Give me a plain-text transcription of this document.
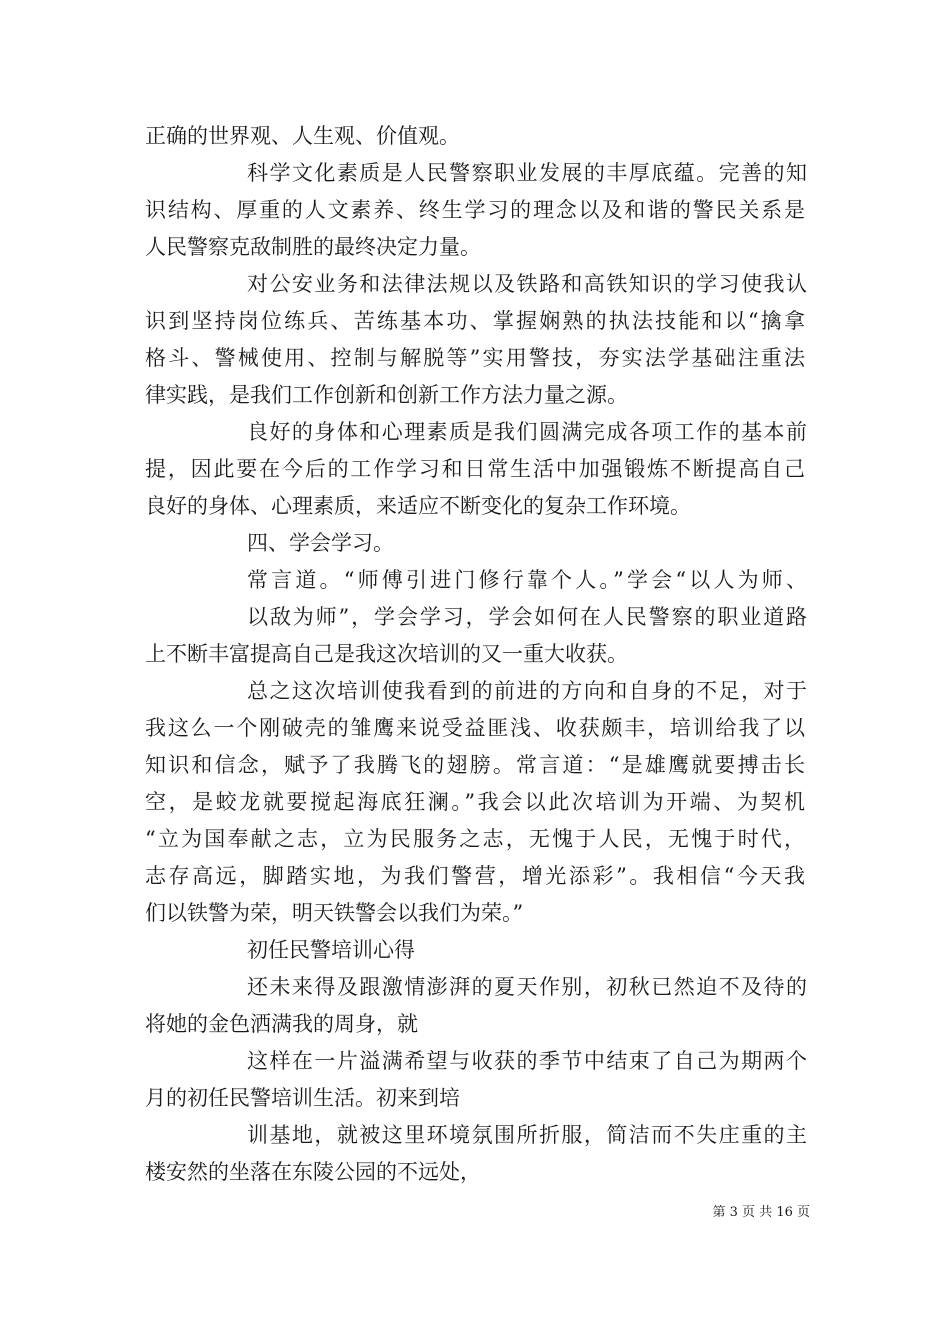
正确的世界观、人生观、价值观。
科学文化素质是人民警察职业发展的丰厚底蕴。完善的知
识结构、厚重的人文素养、终生学习的理念以及和谐的警民关系是
人民警察克敌制胜的最终决定力量。
对公安业务和法律法规以及铁路和高铁知识的学习使我认
识到坚持岗位练兵、苦练基本功、掌握娴熟的执法技能和以“擒拿
格斗、警械使用、控制与解脱等”实用警技，夯实法学基础注重法
律实践，是我们工作创新和创新工作方法力量之源。
良好的身体和心理素质是我们圆满完成各项工作的基本前
提，因此要在今后的工作学习和日常生活中加强锻炼不断提高自己
良好的身体、心理素质，来适应不断变化的复杂工作环境。
四、学会学习。
常言道。“师傅引进门修行靠个人。”学会“以人为师、
以敌为师”，学会学习，学会如何在人民警察的职业道路
上不断丰富提高自己是我这次培训的又一重大收获。
总之这次培训使我看到的前进的方向和自身的不足，对于
我这么一个刚破壳的雏鹰来说受益匪浅、收获颇丰，培训给我了以
知识和信念，赋予了我腾飞的翅膀。常言道：“是雄鹰就要搏击长
空，是蛟龙就要搅起海底狂澜。”我会以此次培训为开端、为契机
“立为国奉献之志，立为民服务之志，无愧于人民，无愧于时代，
志存高远，脚踏实地，为我们警营，增光添彩”。我相信“今天我
们以铁警为荣，明天铁警会以我们为荣。”
初任民警培训心得
还未来得及跟激情澎湃的夏天作别，初秋已然迫不及待的
将她的金色洒满我的周身，就
这样在一片溢满希望与收获的季节中结束了自己为期两个
月的初任民警培训生活。初来到培
训基地，就被这里环境氛围所折服，简洁而不失庄重的主
楼安然的坐落在东陵公园的不远处，
第 3 页 共 16 页
